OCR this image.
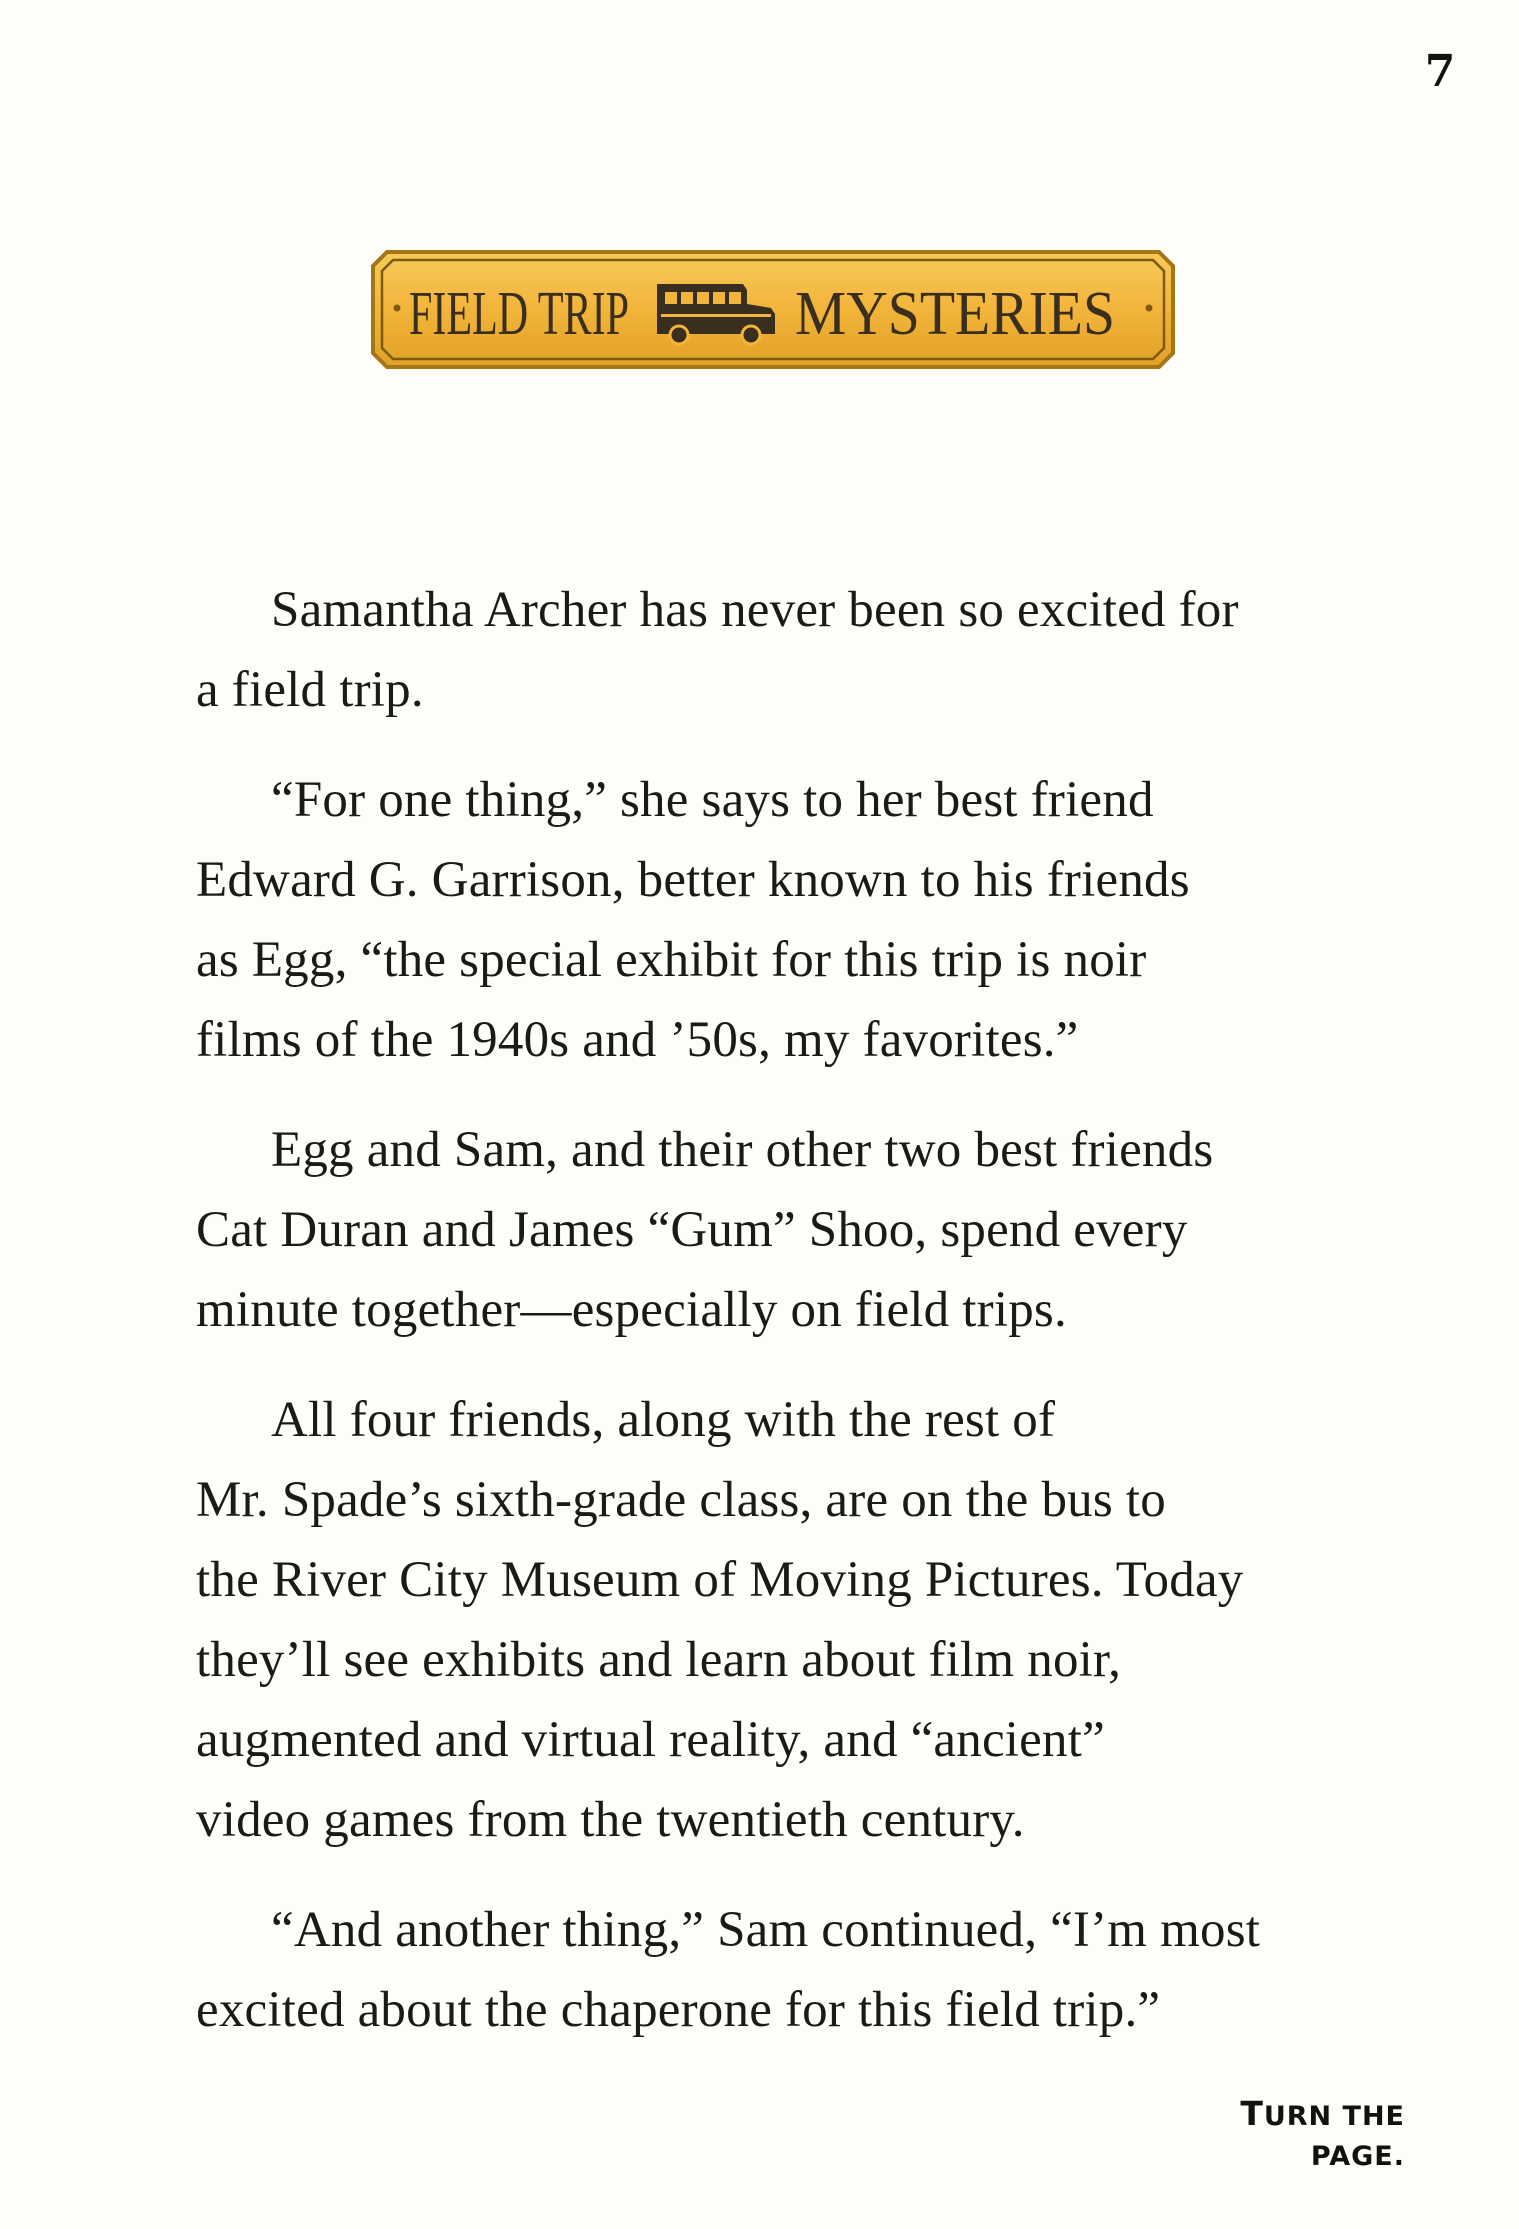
7
FIELD TRIP	MYSTERIES

Samantha Archer has never been so excited for
a field trip.

“For one thing,” she says to her best friend
Edward G. Garrison, better known to his friends
as Egg, “the special exhibit for this trip is noir
films of the 1940s and ’50s, my favorites.”

Egg and Sam, and their other two best friends
Cat Duran and James “Gum” Shoo, spend every
minute together—especially on field trips.

All four friends, along with the rest of
Mr. Spade’s sixth-grade class, are on the bus to
the River City Museum of Moving Pictures. Today
they’ll see exhibits and learn about film noir,
augmented and virtual reality, and “ancient”
video games from the twentieth century.

“And another thing,” Sam continued, “I’m most
excited about the chaperone for this field trip.”

TURN THE PAGE.
